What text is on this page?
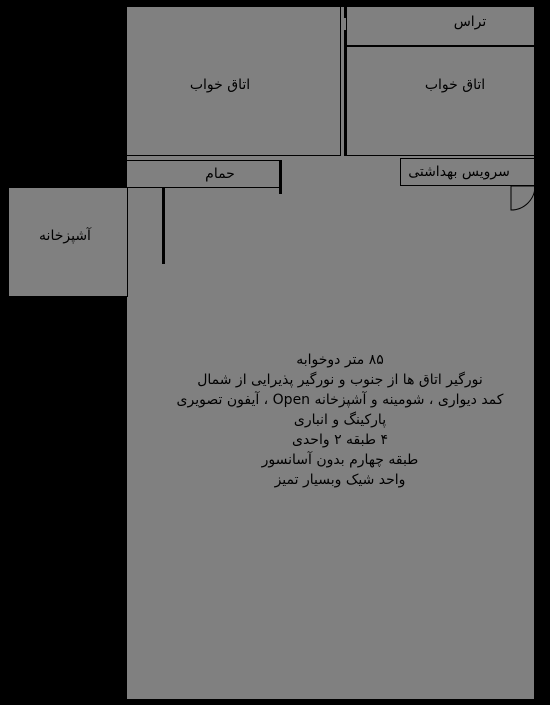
تراس
اتاق خواب	اتاق خواب
حمام	سرویس بهداشتی
آشپزخانه
۸۵ متر دوخوابه
نورگیر اتاق ها از جنوب و نورگیر پذیرایی از شمال
کمد دیواری ، شومینه و آشپزخانه Open ، آیفون تصویری
پارکینگ و انباری
۴ طبقه ۲ واحدی
طبقه چهارم بدون آسانسور
واحد شیک وبسیار تمیز
